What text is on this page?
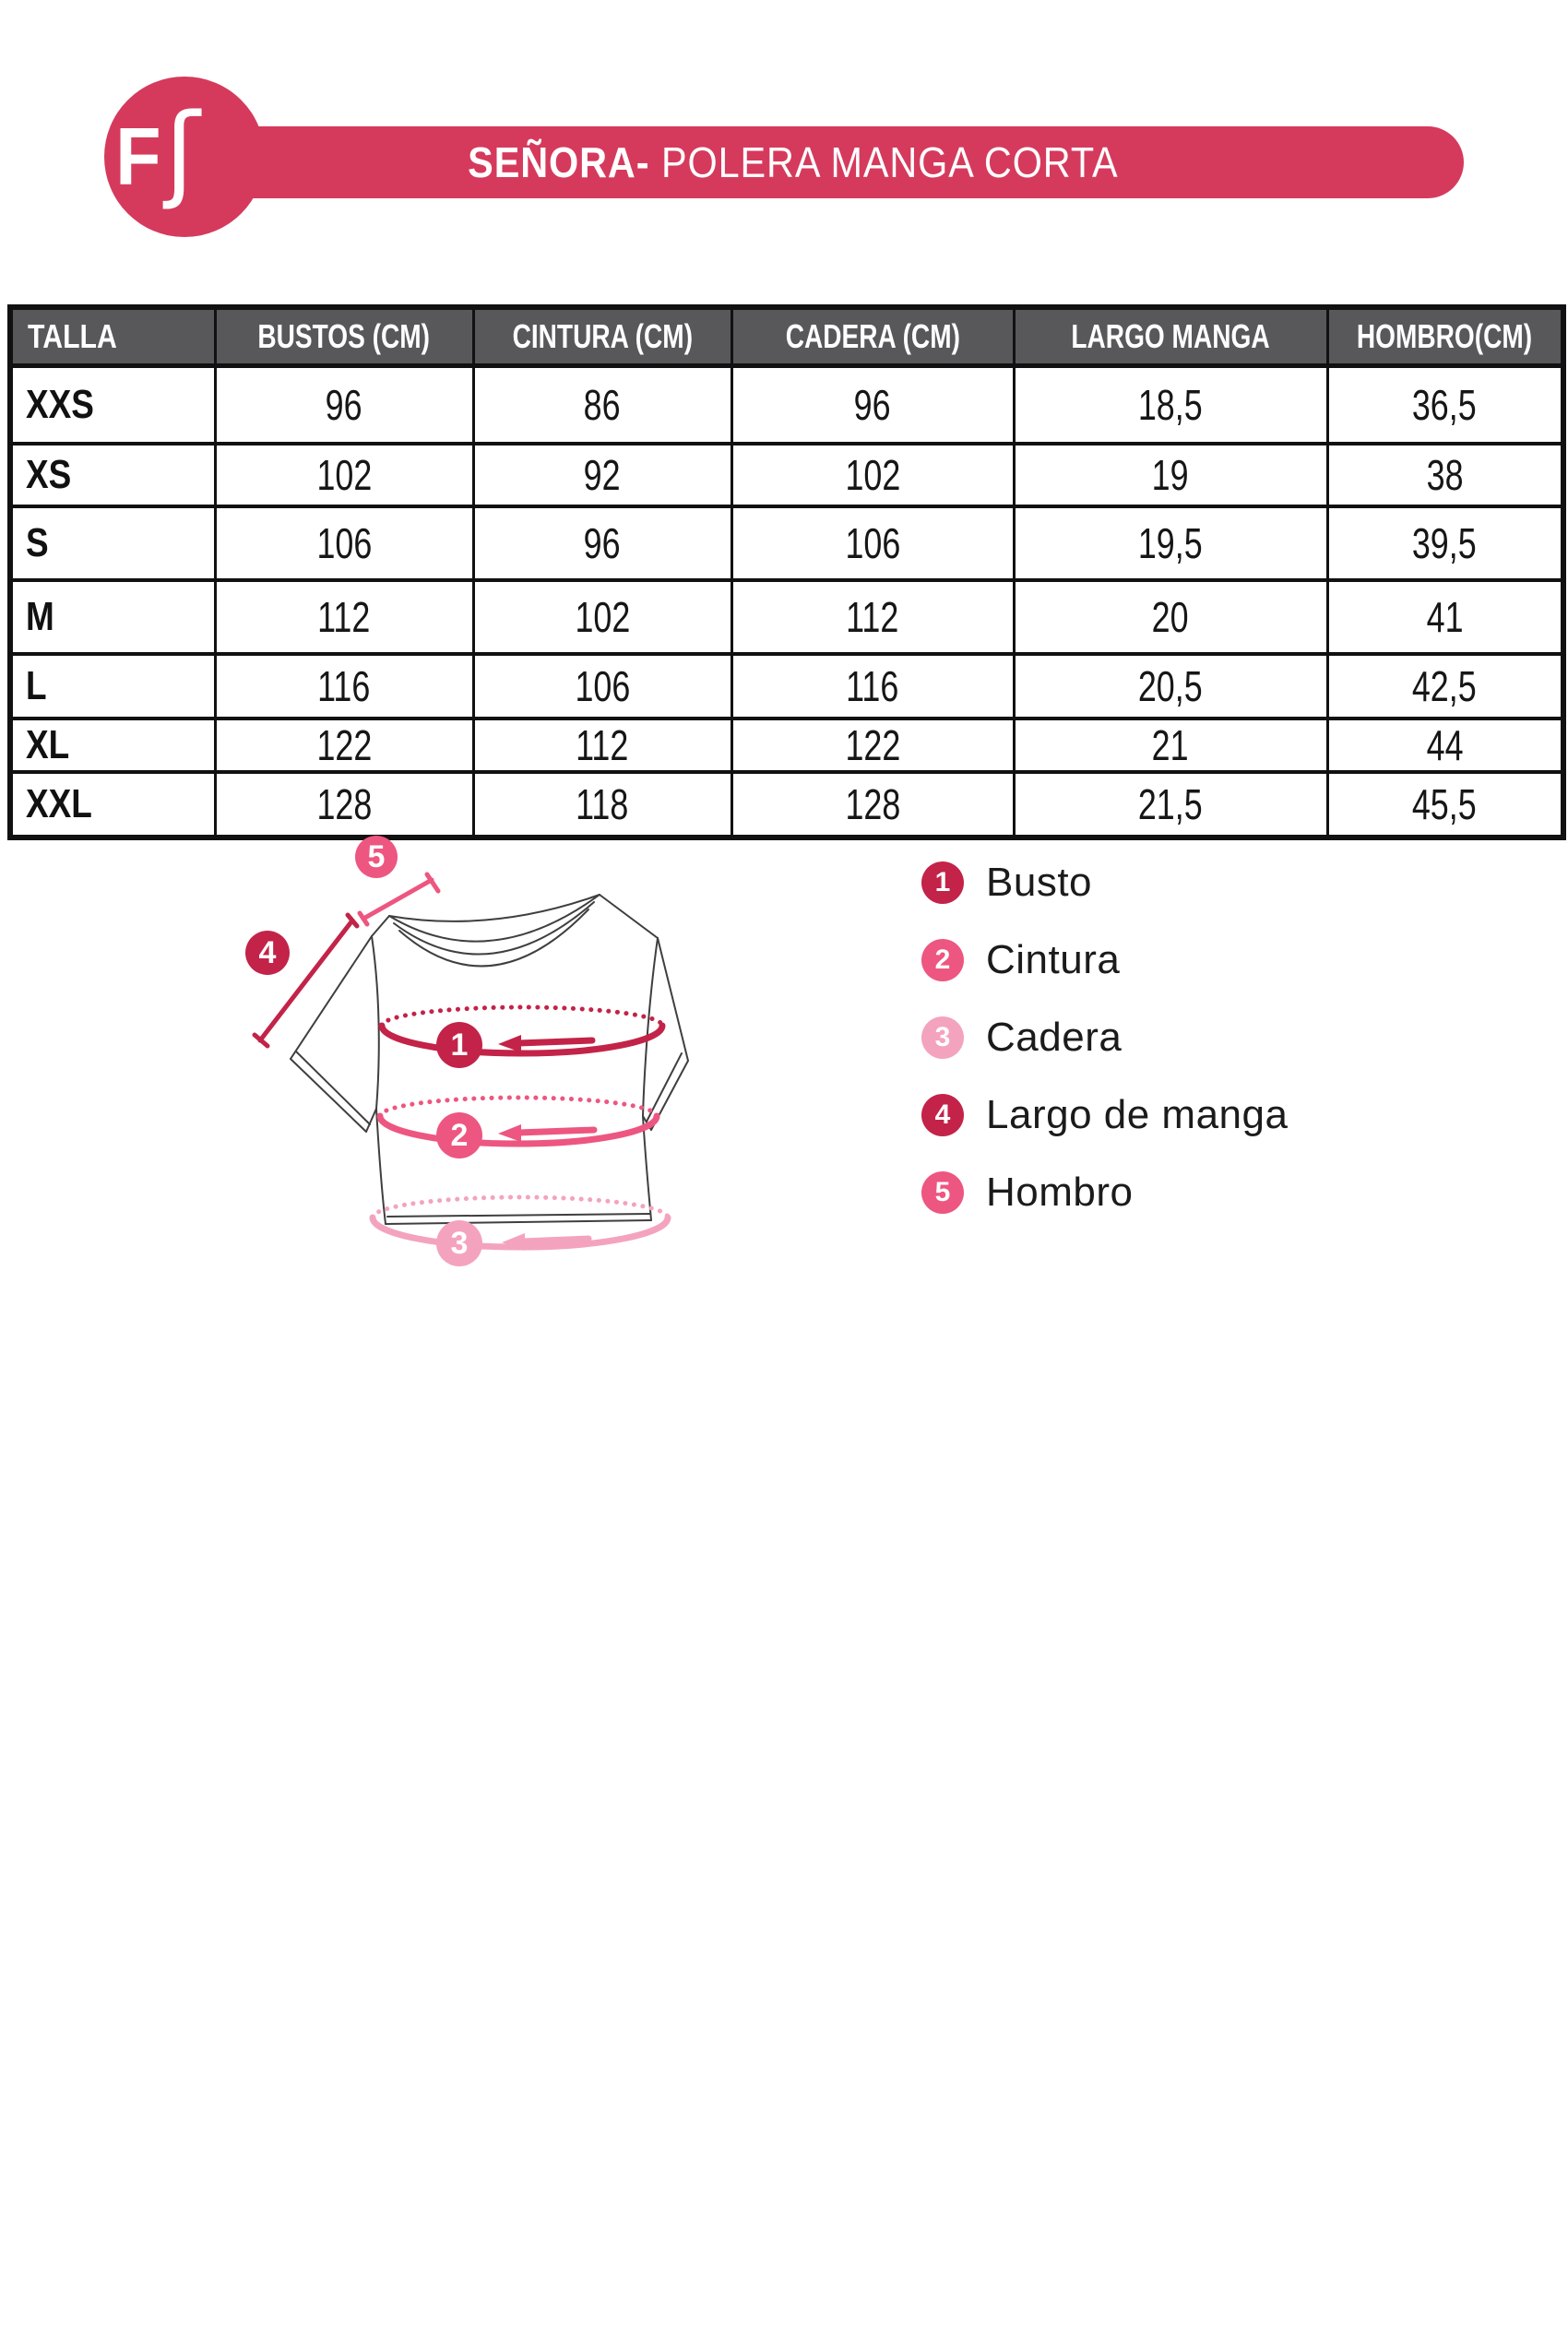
F ʃ	SEÑORA- POLERA MANGA CORTA
TALLA	BUSTOS (CM)	CINTURA (CM)	CADERA (CM)	LARGO MANGA	HOMBRO(CM)
XXS	96	86	96	18,5	36,5
XS	102	92	102	19	38
S	106	96	106	19,5	39,5
M	112	102	112	20	41
L	116	106	116	20,5	42,5
XL	122	112	122	21	44
XXL	128	118	128	21,5	45,5
1
2
3
4
5
1 Busto
2 Cintura
3 Cadera
4 Largo de manga
5 Hombro
